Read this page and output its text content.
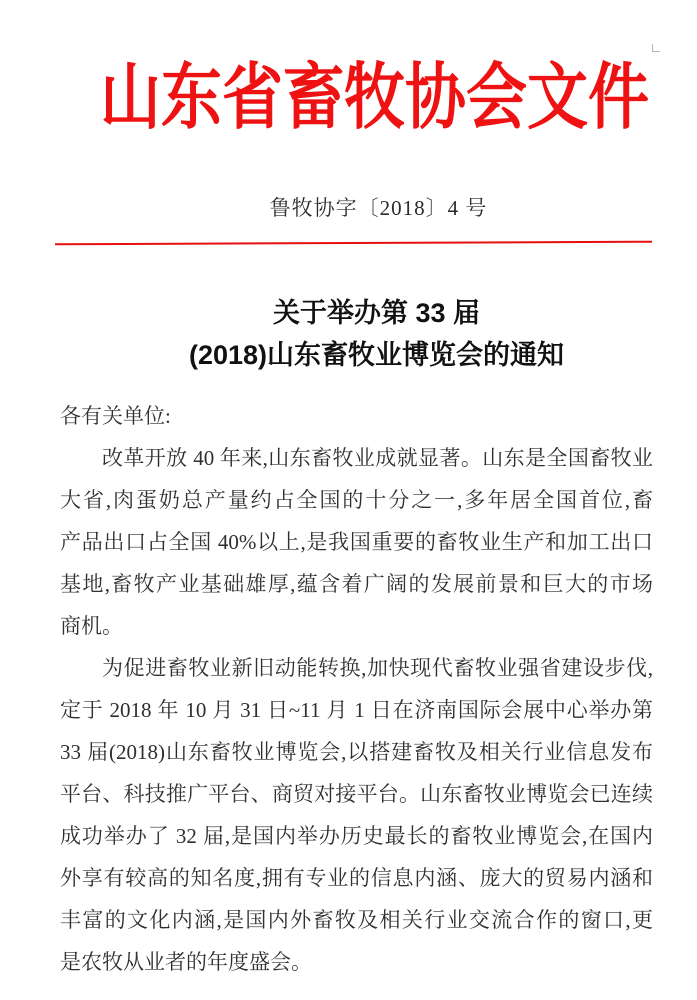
山东省畜牧协会文件
鲁牧协字〔2018〕4 号
关于举办第 33 届
(2018)山东畜牧业博览会的通知
各有关单位:
改革开放 40 年来,山东畜牧业成就显著。山东是全国畜牧业
大省,肉蛋奶总产量约占全国的十分之一,多年居全国首位,畜
产品出口占全国 40%以上,是我国重要的畜牧业生产和加工出口
基地,畜牧产业基础雄厚,蕴含着广阔的发展前景和巨大的市场
商机。
为促进畜牧业新旧动能转换,加快现代畜牧业强省建设步伐,
定于 2018 年 10 月 31 日~11 月 1 日在济南国际会展中心举办第
33 届(2018)山东畜牧业博览会,以搭建畜牧及相关行业信息发布
平台、科技推广平台、商贸对接平台。山东畜牧业博览会已连续
成功举办了 32 届,是国内举办历史最长的畜牧业博览会,在国内
外享有较高的知名度,拥有专业的信息内涵、庞大的贸易内涵和
丰富的文化内涵,是国内外畜牧及相关行业交流合作的窗口,更
是农牧从业者的年度盛会。
